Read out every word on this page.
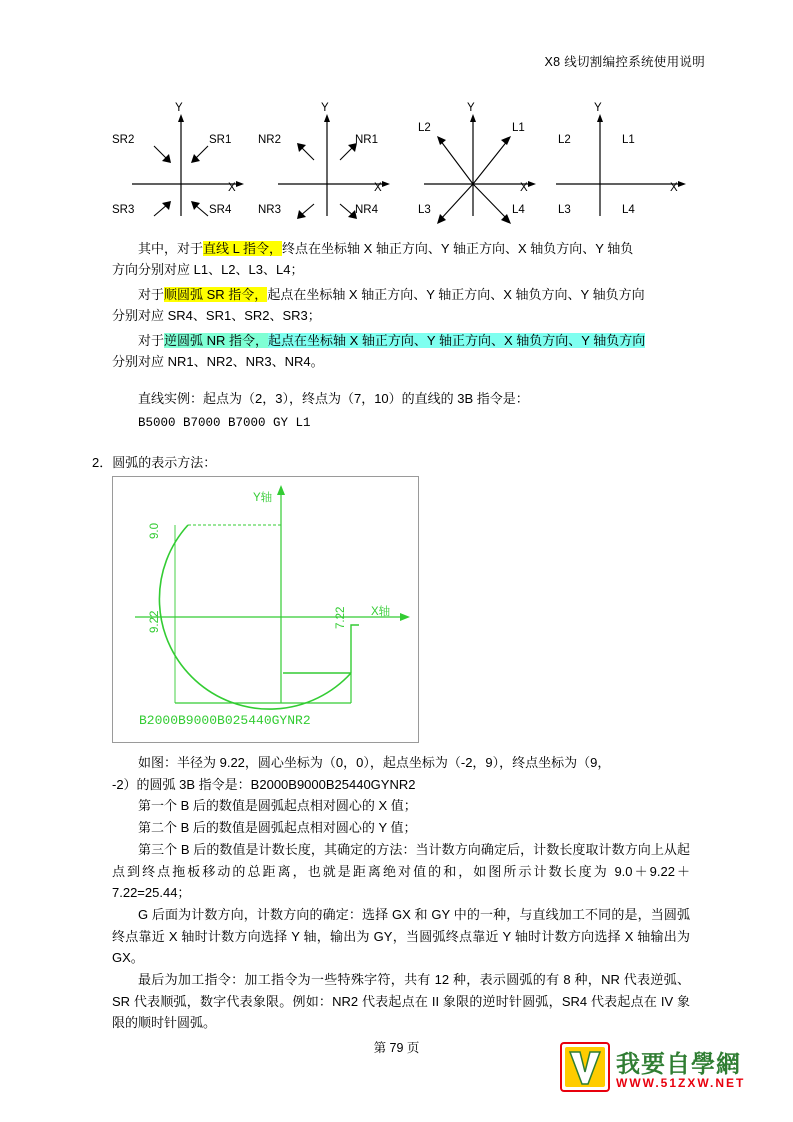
X8 线切割编控系统使用说明
Y
X
SR2	SR1
SR3	SR4
Y
X
NR2	NR1
NR3	NR4
Y
X
L2	L1
L3	L4
Y
X
L2	L1
L3	L4
其中，对于直线 L 指令，终点在坐标轴 X 轴正方向、Y 轴正方向、X 轴负方向、Y 轴负
方向分别对应 L1、L2、L3、L4；
对于顺圆弧 SR 指令，起点在坐标轴 X 轴正方向、Y 轴正方向、X 轴负方向、Y 轴负方向
分别对应 SR4、SR1、SR2、SR3；
对于逆圆弧 NR 指令，起点在坐标轴 X 轴正方向、Y 轴正方向、X 轴负方向、Y 轴负方向
分别对应 NR1、NR2、NR3、NR4。
直线实例：起点为（2，3），终点为（7，10）的直线的 3B 指令是：
B5000 B7000 B7000 GY L1
2．圆弧的表示方法：
Y轴
X轴
9.0
9.22	7.22
B2000B9000B025440GYNR2
如图：半径为 9.22，圆心坐标为（0，0），起点坐标为（-2，9），终点坐标为（9，
-2）的圆弧 3B 指令是：B2000B9000B25440GYNR2
第一个 B 后的数值是圆弧起点相对圆心的 X 值；
第二个 B 后的数值是圆弧起点相对圆心的 Y 值；
第三个 B 后的数值是计数长度，其确定的方法：当计数方向确定后，计数长度取计数方向上从起点到终点拖板移动的总距离，也就是距离绝对值的和，如图所示计数长度为 9.0＋9.22＋7.22=25.44；
G 后面为计数方向，计数方向的确定：选择 GX 和 GY 中的一种，与直线加工不同的是，当圆弧终点靠近 X 轴时计数方向选择 Y 轴，输出为 GY，当圆弧终点靠近 Y 轴时计数方向选择 X 轴输出为 GX。
最后为加工指令：加工指令为一些特殊字符，共有 12 种，表示圆弧的有 8 种，NR 代表逆弧、SR 代表顺弧，数字代表象限。例如：NR2 代表起点在 II 象限的逆时针圆弧，SR4 代表起点在 IV 象限的顺时针圆弧。
第 79 页
我要自學網
WWW.51ZXW.NET
